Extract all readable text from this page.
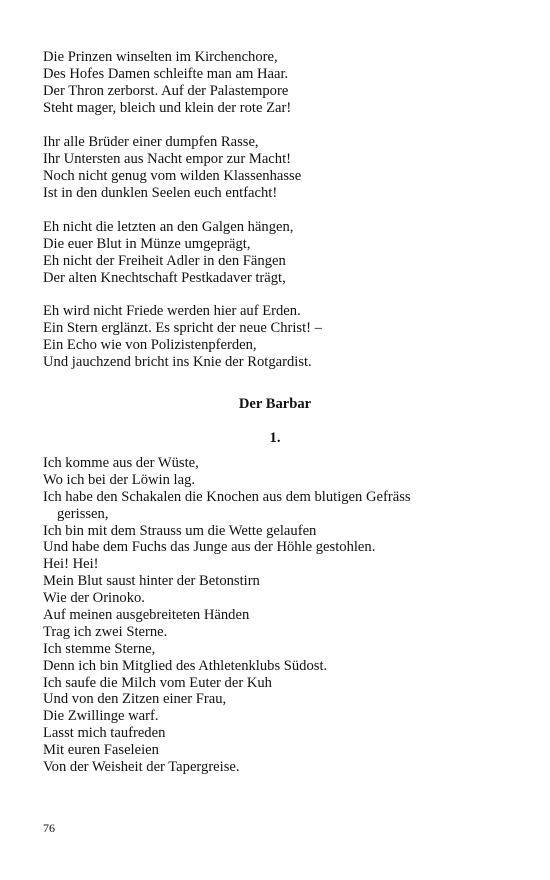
Die Prinzen winselten im Kirchenchore,
Des Hofes Damen schleifte man am Haar.
Der Thron zerborst. Auf der Palastempore
Steht mager, bleich und klein der rote Zar!
Ihr alle Brüder einer dumpfen Rasse,
Ihr Untersten aus Nacht empor zur Macht!
Noch nicht genug vom wilden Klassenhasse
Ist in den dunklen Seelen euch entfacht!
Eh nicht die letzten an den Galgen hängen,
Die euer Blut in Münze umgeprägt,
Eh nicht der Freiheit Adler in den Fängen
Der alten Knechtschaft Pestkadaver trägt,
Eh wird nicht Friede werden hier auf Erden.
Ein Stern erglänzt. Es spricht der neue Christ! –
Ein Echo wie von Polizistenpferden,
Und jauchzend bricht ins Knie der Rotgardist.
Der Barbar
1.
Ich komme aus der Wüste,
Wo ich bei der Löwin lag.
Ich habe den Schakalen die Knochen aus dem blutigen Gefräss
gerissen,
Ich bin mit dem Strauss um die Wette gelaufen
Und habe dem Fuchs das Junge aus der Höhle gestohlen.
Hei! Hei!
Mein Blut saust hinter der Betonstirn
Wie der Orinoko.
Auf meinen ausgebreiteten Händen
Trag ich zwei Sterne.
Ich stemme Sterne,
Denn ich bin Mitglied des Athletenklubs Südost.
Ich saufe die Milch vom Euter der Kuh
Und von den Zitzen einer Frau,
Die Zwillinge warf.
Lasst mich taufreden
Mit euren Faseleien
Von der Weisheit der Tapergreise.
76
